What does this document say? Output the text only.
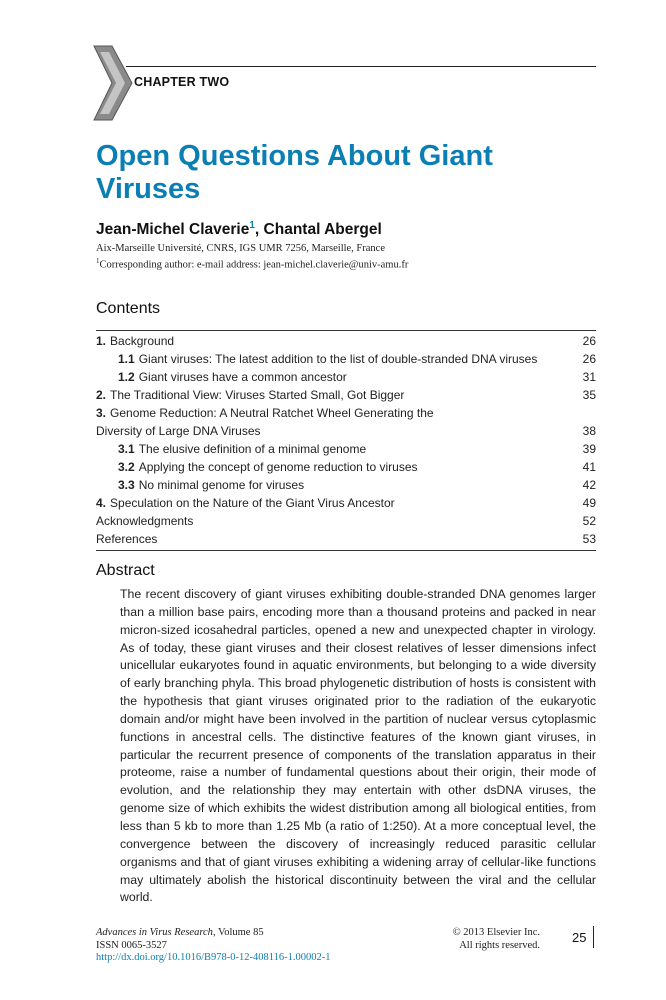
CHAPTER TWO
Open Questions About Giant Viruses
Jean-Michel Claverie$^1$, Chantal Abergel
Aix-Marseille Université, CNRS, IGS UMR 7256, Marseille, France
$^1$Corresponding author: e-mail address: jean-michel.claverie@univ-amu.fr
Contents
1. Background	26
1.1 Giant viruses: The latest addition to the list of double-stranded DNA viruses	26
1.2 Giant viruses have a common ancestor	31
2. The Traditional View: Viruses Started Small, Got Bigger	35
3. Genome Reduction: A Neutral Ratchet Wheel Generating the
Diversity of Large DNA Viruses	38
3.1 The elusive definition of a minimal genome	39
3.2 Applying the concept of genome reduction to viruses	41
3.3 No minimal genome for viruses	42
4. Speculation on the Nature of the Giant Virus Ancestor	49
Acknowledgments	52
References	53
Abstract

The recent discovery of giant viruses exhibiting double-stranded DNA genomes larger than a million base pairs, encoding more than a thousand proteins and packed in near micron-sized icosahedral particles, opened a new and unexpected chapter in virology. As of today, these giant viruses and their closest relatives of lesser dimensions infect unicellular eukaryotes found in aquatic environments, but belonging to a wide diversity of early branching phyla. This broad phylogenetic distribution of hosts is consistent with the hypothesis that giant viruses originated prior to the radiation of the eukaryotic domain and/or might have been involved in the partition of nuclear versus cytoplasmic functions in ancestral cells. The distinctive features of the known giant viruses, in particular the recurrent presence of components of the translation apparatus in their proteome, raise a number of fundamental questions about their origin, their mode of evolution, and the relationship they may entertain with other dsDNA viruses, the genome size of which exhibits the widest distribution among all biological entities, from less than 5 kb to more than 1.25 Mb (a ratio of 1:250). At a more conceptual level, the convergence between the discovery of increasingly reduced parasitic cellular organisms and that of giant viruses exhibiting a widening array of cellular-like functions may ultimately abolish the historical discontinuity between the viral and the cellular world.

Advances in Virus Research, Volume 85
ISSN 0065-3527
http://dx.doi.org/10.1016/B978-0-12-408116-1.00002-1
© 2013 Elsevier Inc.
All rights reserved. 25
